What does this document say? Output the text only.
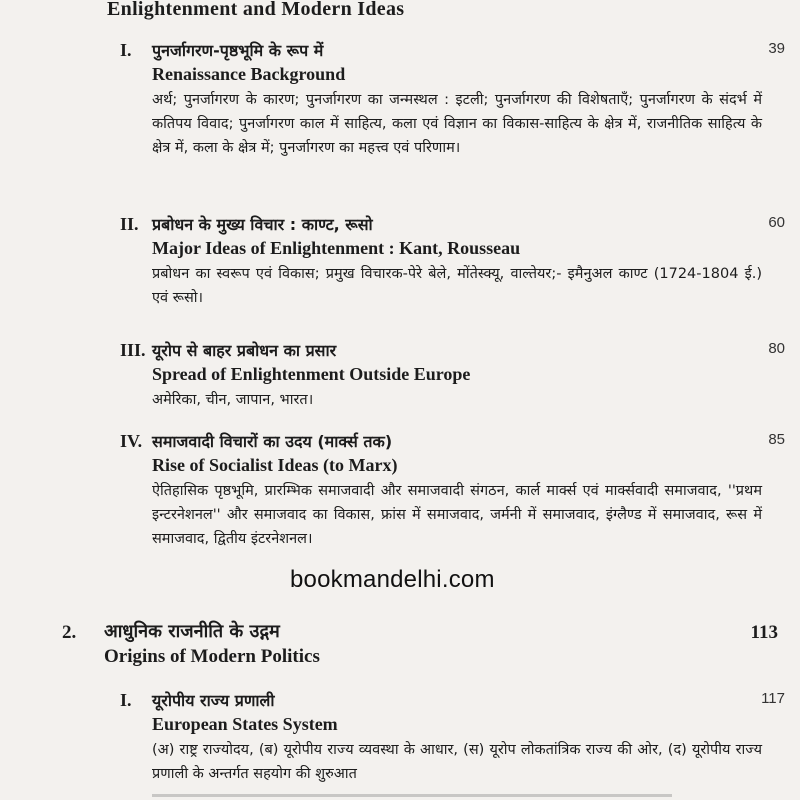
Enlightenment and Modern Ideas
I. पुनर्जागरण-पृष्ठभूमि के रूप में	39
Renaissance Background
अर्थ; पुनर्जागरण के कारण; पुनर्जागरण का जन्मस्थल : इटली; पुनर्जागरण की विशेषताएँ; पुनर्जागरण के संदर्भ में कतिपय विवाद; पुनर्जागरण काल में साहित्य, कला एवं विज्ञान का विकास-साहित्य के क्षेत्र में, राजनीतिक साहित्य के क्षेत्र में, कला के क्षेत्र में; पुनर्जागरण का महत्त्व एवं परिणाम।
II. प्रबोधन के मुख्य विचार : काण्ट, रूसो	60
Major Ideas of Enlightenment : Kant, Rousseau
प्रबोधन का स्वरूप एवं विकास; प्रमुख विचारक-पेरे बेले, मोंतेस्क्यू, वाल्तेयर;- इमैनुअल काण्ट (1724-1804 ई.) एवं रूसो।
III. यूरोप से बाहर प्रबोधन का प्रसार	80
Spread of Enlightenment Outside Europe
अमेरिका, चीन, जापान, भारत।
IV. समाजवादी विचारों का उदय (मार्क्स तक)	85
Rise of Socialist Ideas (to Marx)
ऐतिहासिक पृष्ठभूमि, प्रारम्भिक समाजवादी और समाजवादी संगठन, कार्ल मार्क्स एवं मार्क्सवादी समाजवाद, ''प्रथम इन्टरनेशनल'' और समाजवाद का विकास, फ्रांस में समाजवाद, जर्मनी में समाजवाद, इंग्लैण्ड में समाजवाद, रूस में समाजवाद, द्वितीय इंटरनेशनल।
bookmandelhi.com
2. आधुनिक राजनीति के उद्गम	113
Origins of Modern Politics
I. यूरोपीय राज्य प्रणाली	117
European States System
(अ) राष्ट्र राज्योदय, (ब) यूरोपीय राज्य व्यवस्था के आधार, (स) यूरोप लोकतांत्रिक राज्य की ओर, (द) यूरोपीय राज्य प्रणाली के अन्तर्गत सहयोग की शुरुआत
